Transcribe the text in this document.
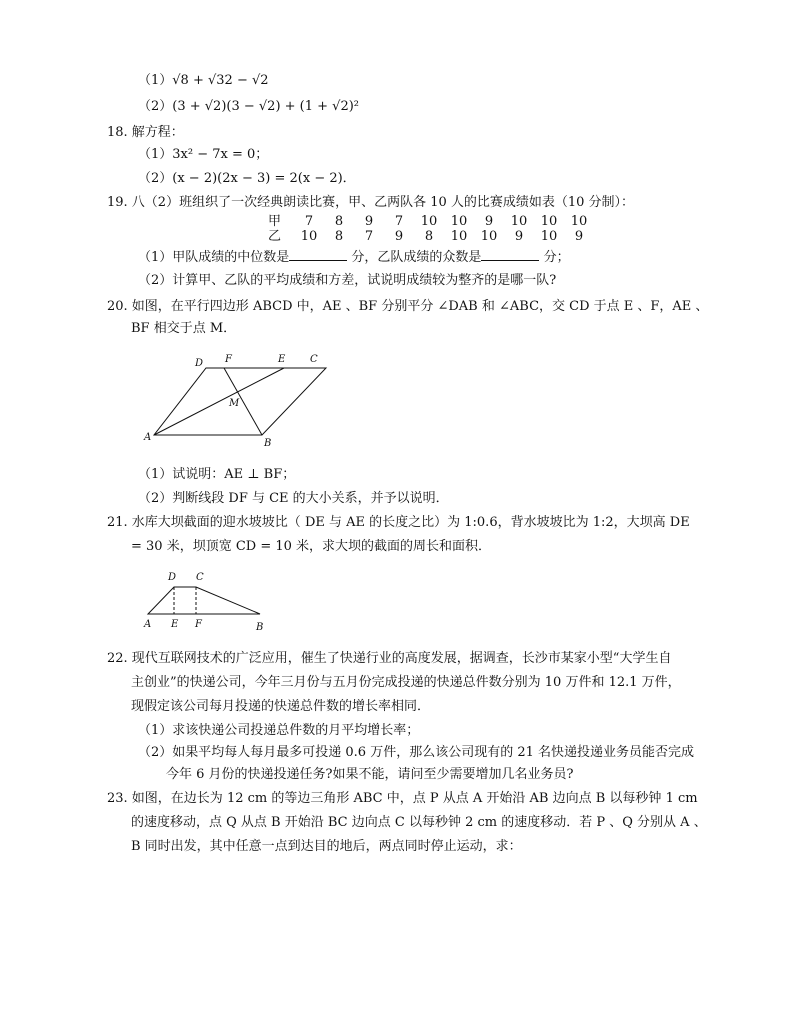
（1）√8 + √32 − √2
（2）(3 + √2)(3 − √2) + (1 + √2)²
18. 解方程：
（1）3x² − 7x = 0；
（2）(x − 2)(2x − 3) = 2(x − 2)．
19. 八（2）班组织了一次经典朗读比赛，甲、乙两队各 10 人的比赛成绩如表（10 分制）：
甲	7	8	9	7	10	10	9	10	10	10
乙	10	8	7	9	8	10	10	9	10	9
（1）甲队成绩的中位数是	分，乙队成绩的众数是	分；
（2）计算甲、乙队的平均成绩和方差，试说明成绩较为整齐的是哪一队?
20. 如图，在平行四边形 ABCD 中，AE 、BF 分别平分 ∠DAB 和 ∠ABC，交 CD 于点 E 、F，AE 、
BF 相交于点 M．
D F	E C
M
A
B
（1）试说明：AE ⊥ BF；
（2）判断线段 DF 与 CE 的大小关系，并予以说明．
21. 水库大坝截面的迎水坡坡比（ DE 与 AE 的长度之比）为 1:0.6，背水坡坡比为 1:2，大坝高 DE
= 30 米，坝顶宽 CD = 10 米，求大坝的截面的周长和面积．
D C
A E F	B
22. 现代互联网技术的广泛应用，催生了快递行业的高度发展，据调查，长沙市某家小型“大学生自
主创业”的快递公司，今年三月份与五月份完成投递的快递总件数分别为 10 万件和 12.1 万件，
现假定该公司每月投递的快递总件数的增长率相同．
（1）求该快递公司投递总件数的月平均增长率；
（2）如果平均每人每月最多可投递 0.6 万件，那么该公司现有的 21 名快递投递业务员能否完成
今年 6 月份的快递投递任务?如果不能，请问至少需要增加几名业务员?
23. 如图，在边长为 12 cm 的等边三角形 ABC 中，点 P 从点 A 开始沿 AB 边向点 B 以每秒钟 1 cm
的速度移动，点 Q 从点 B 开始沿 BC 边向点 C 以每秒钟 2 cm 的速度移动．若 P 、Q 分别从 A 、
B 同时出发，其中任意一点到达目的地后，两点同时停止运动，求：
